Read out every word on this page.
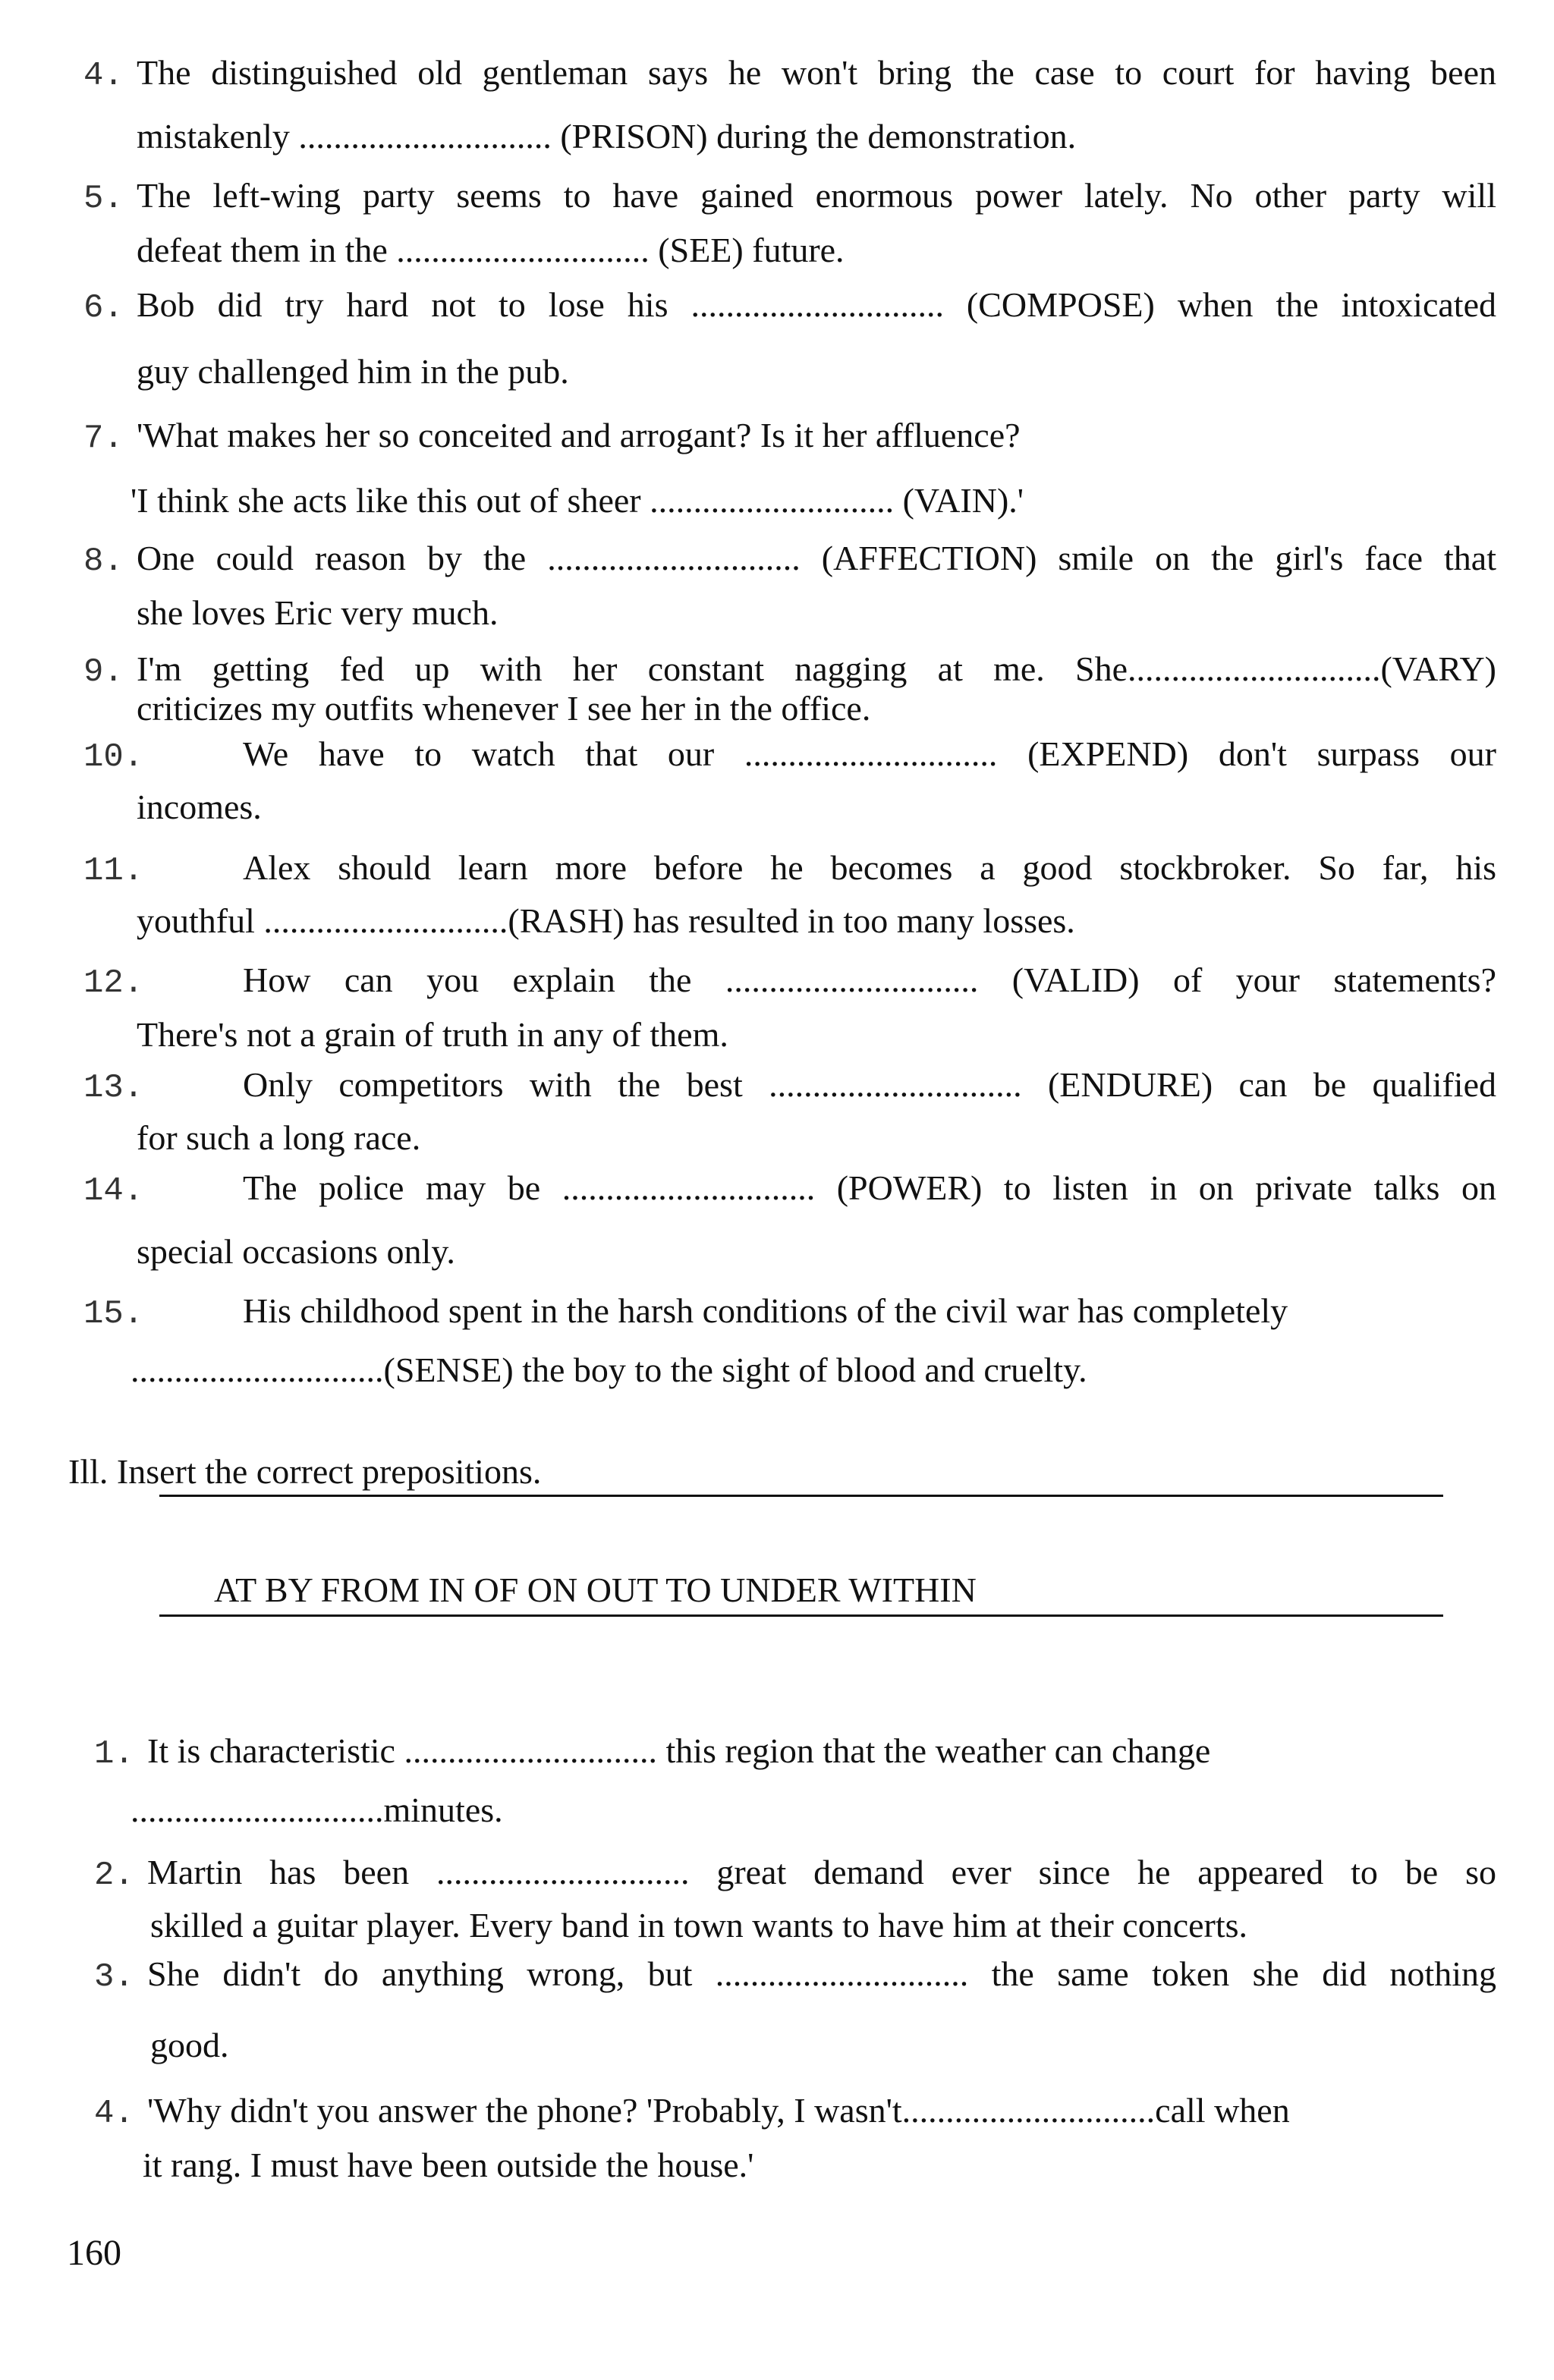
4. The distinguished old gentleman says he won't bring the case to court for having been
mistakenly ............................. (PRISON) during the demonstration.
5. The left-wing party seems to have gained enormous power lately. No other party will
defeat them in the ............................. (SEE) future.
6. Bob did try hard not to lose his ............................. (COMPOSE) when the intoxicated
guy challenged him in the pub.
7. 'What makes her so conceited and arrogant? Is it her affluence?
'I think she acts like this out of sheer ............................ (VAIN).'
8. One could reason by the ............................. (AFFECTION) smile on the girl's face that
she loves Eric very much.
9. I'm getting fed up with her constant nagging at me. She.............................(VARY)
criticizes my outfits whenever I see her in the office.
10.	We have to watch that our ............................. (EXPEND) don't surpass our
incomes.
11.	Alex should learn more before he becomes a good stockbroker. So far, his
youthful ............................(RASH) has resulted in too many losses.
12.	How can you explain the ............................. (VALID) of your statements?
There's not a grain of truth in any of them.
13.	Only competitors with the best ............................. (ENDURE) can be qualified
for such a long race.
14.	The police may be ............................. (POWER) to listen in on private talks on
special occasions only.
15.	His childhood spent in the harsh conditions of the civil war has completely
.............................(SENSE) the boy to the sight of blood and cruelty.
Ill. Insert the correct prepositions.
AT BY FROM IN OF ON OUT TO UNDER WITHIN
1. It is characteristic ............................. this region that the weather can change
.............................minutes.
2. Martin has been ............................. great demand ever since he appeared to be so
skilled a guitar player. Every band in town wants to have him at their concerts.
3. She didn't do anything wrong, but ............................. the same token she did nothing
good.
4. 'Why didn't you answer the phone? 'Probably, I wasn't.............................call when
it rang. I must have been outside the house.'
160
